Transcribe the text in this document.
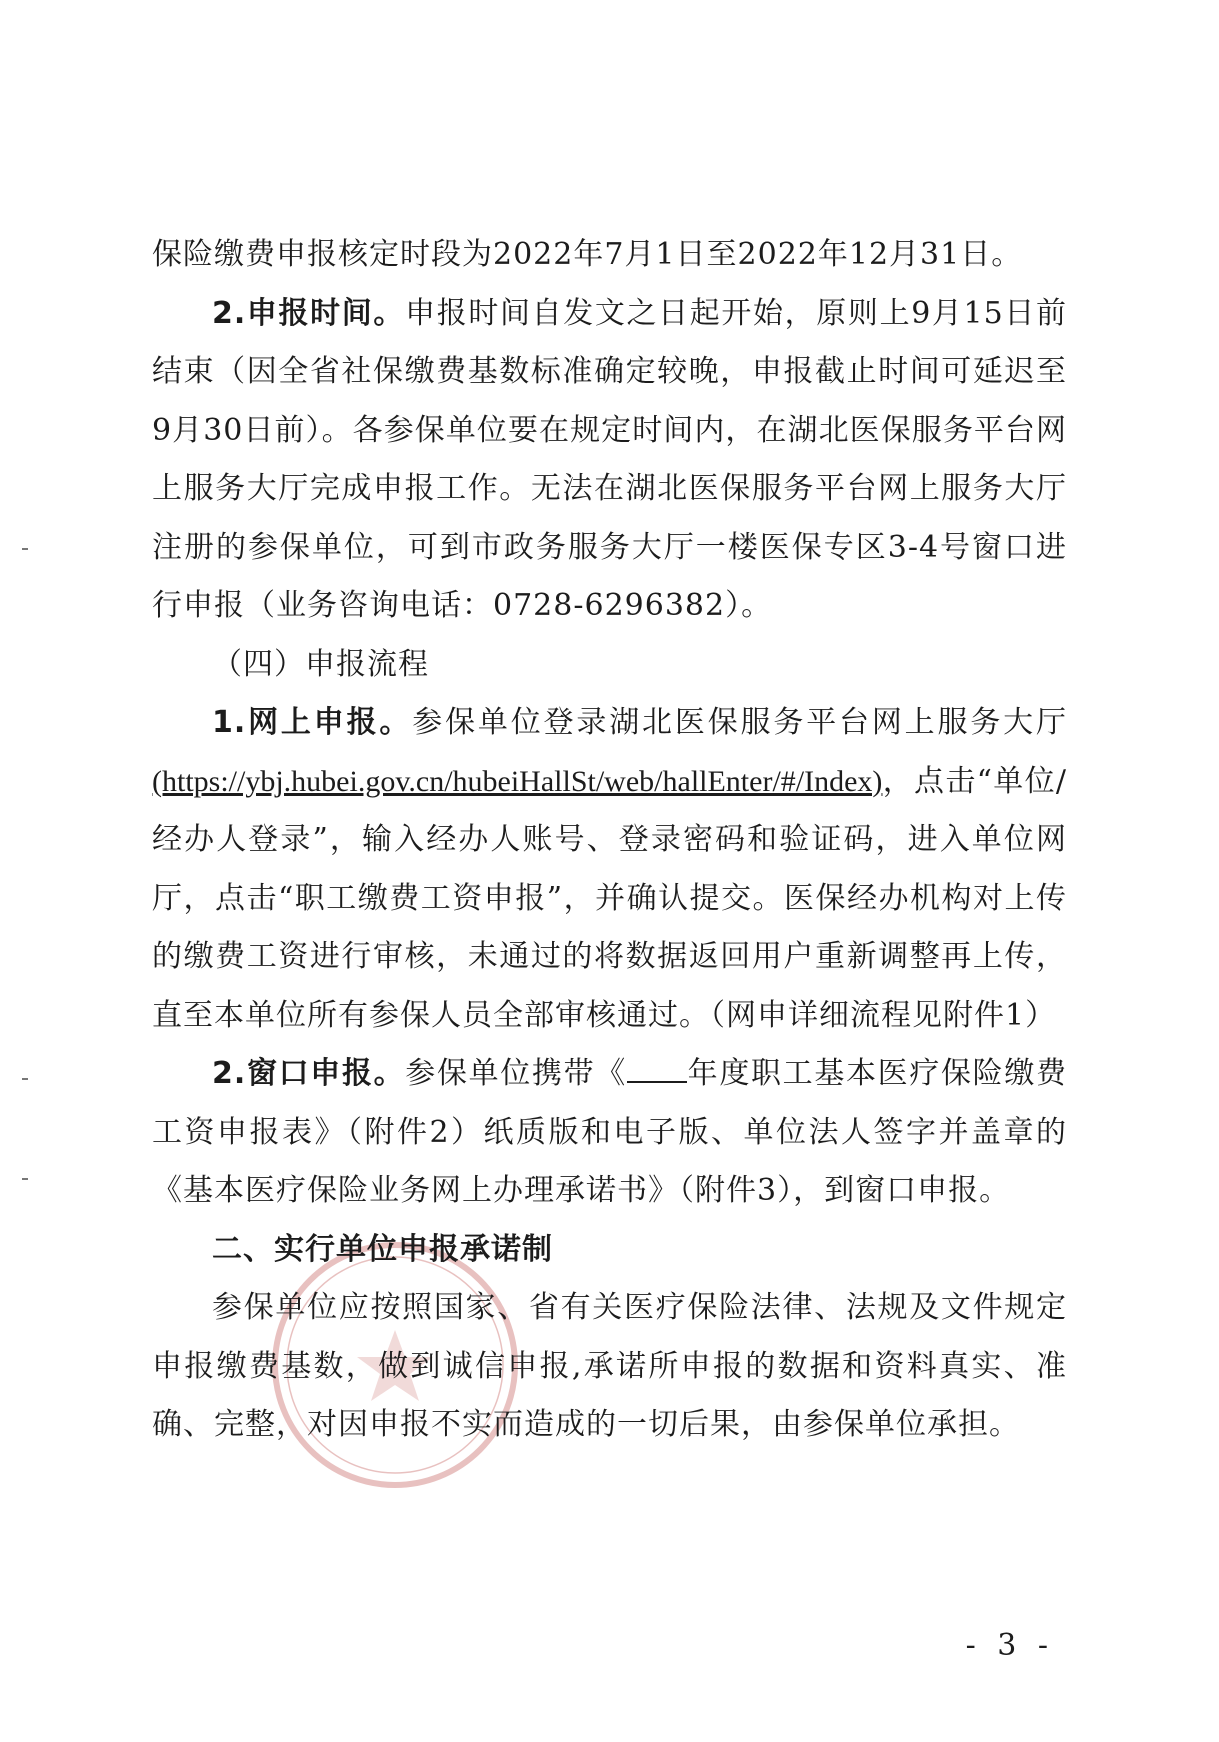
保险缴费申报核定时段为2022年7月1日至2022年12月31日。

2.申报时间。申报时间自发文之日起开始，原则上9月15日前结束（因全省社保缴费基数标准确定较晚，申报截止时间可延迟至9月30日前）。各参保单位要在规定时间内，在湖北医保服务平台网上服务大厅完成申报工作。无法在湖北医保服务平台网上服务大厅注册的参保单位，可到市政务服务大厅一楼医保专区3-4号窗口进行申报（业务咨询电话：0728-6296382）。

（四）申报流程

1.网上申报。参保单位登录湖北医保服务平台网上服务大厅(https://ybj.hubei.gov.cn/hubeiHallSt/web/hallEnter/#/Index)，点击“单位/经办人登录”，输入经办人账号、登录密码和验证码，进入单位网厅，点击“职工缴费工资申报”，并确认提交。医保经办机构对上传的缴费工资进行审核，未通过的将数据返回用户重新调整再上传，直至本单位所有参保人员全部审核通过。（网申详细流程见附件1）

2.窗口申报。参保单位携带《 年度职工基本医疗保险缴费工资申报表》（附件2）纸质版和电子版、单位法人签字并盖章的《基本医疗保险业务网上办理承诺书》（附件3），到窗口申报。

二、实行单位申报承诺制

参保单位应按照国家、省有关医疗保险法律、法规及文件规定申报缴费基数，做到诚信申报,承诺所申报的数据和资料真实、准确、完整，对因申报不实而造成的一切后果，由参保单位承担。

- 3 -
